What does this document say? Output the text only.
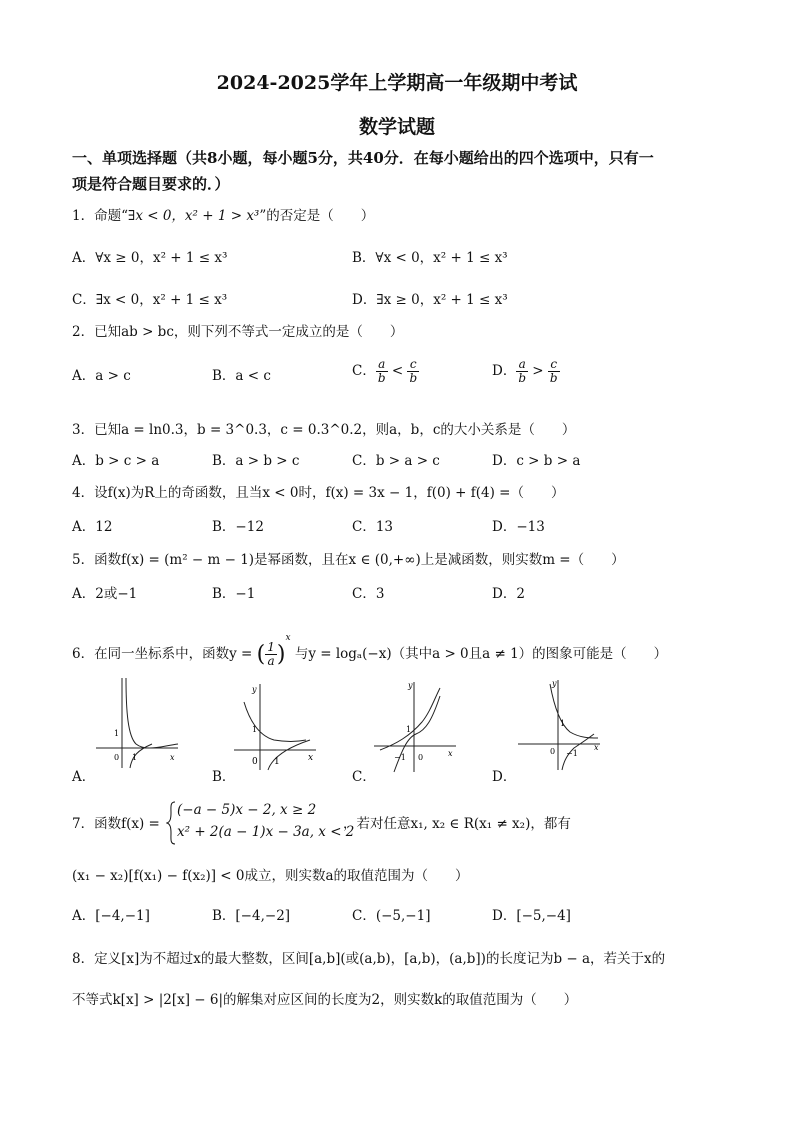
2024-2025学年上学期高一年级期中考试
数学试题
一、单项选择题（共8小题，每小题5分，共40分．在每小题给出的四个选项中，只有一
项是符合题目要求的．）
1．命题“∃x < 0，x² + 1 > x³”的否定是（　　）
A．∀x ≥ 0，x² + 1 ≤ x³	B．∀x < 0，x² + 1 ≤ x³
C．∃x < 0，x² + 1 ≤ x³	D．∃x ≥ 0，x² + 1 ≤ x³
2．已知ab > bc，则下列不等式一定成立的是（　　）
A．a > c	B．a < c	C． $\frac{a}{b} < \frac{c}{b}$	D． $\frac{a}{b} > \frac{c}{b}$
3．已知a = ln0.3，b = 3^0.3，c = 0.3^0.2，则a，b，c的大小关系是（　　）
A．b > c > a	B．a > b > c	C．b > a > c	D．c > b > a
4．设f(x)为R上的奇函数，且当x < 0时，f(x) = 3x − 1，f(0) + f(4) =（　　）
A．12	B．−12	C．13	D．−13
5．函数f(x) = (m² − m − 1)是幂函数，且在x ∈ (0,+∞)上是减函数，则实数m =（　　）
A．2或−1	B．−1	C．3	D．2
6．在同一坐标系中，函数y = ( $\frac{1}{a} )^x$ 与y = logₐ(−x)（其中a > 0且a ≠ 1）的图象可能是（　　）
A．	B．	C．	D．
1
0 1	x
y
1
0 1	x
y
1
−1 0	x
y
1
0 −1
x
7．函数f(x) =
(−a − 5)x − 2, x ≥ 2
x² + 2(a − 1)x − 3a, x < 2
，若对任意x₁, x₂ ∈ R(x₁ ≠ x₂)，都有
(x₁ − x₂)[f(x₁) − f(x₂)] < 0成立，则实数a的取值范围为（　　）
A．[−4,−1]	B．[−4,−2]	C．(−5,−1]	D．[−5,−4]
8．定义[x]为不超过x的最大整数，区间[a,b](或(a,b)，[a,b)，(a,b])的长度记为b − a，若关于x的
不等式k[x] > |2[x] − 6|的解集对应区间的长度为2，则实数k的取值范围为（　　）
